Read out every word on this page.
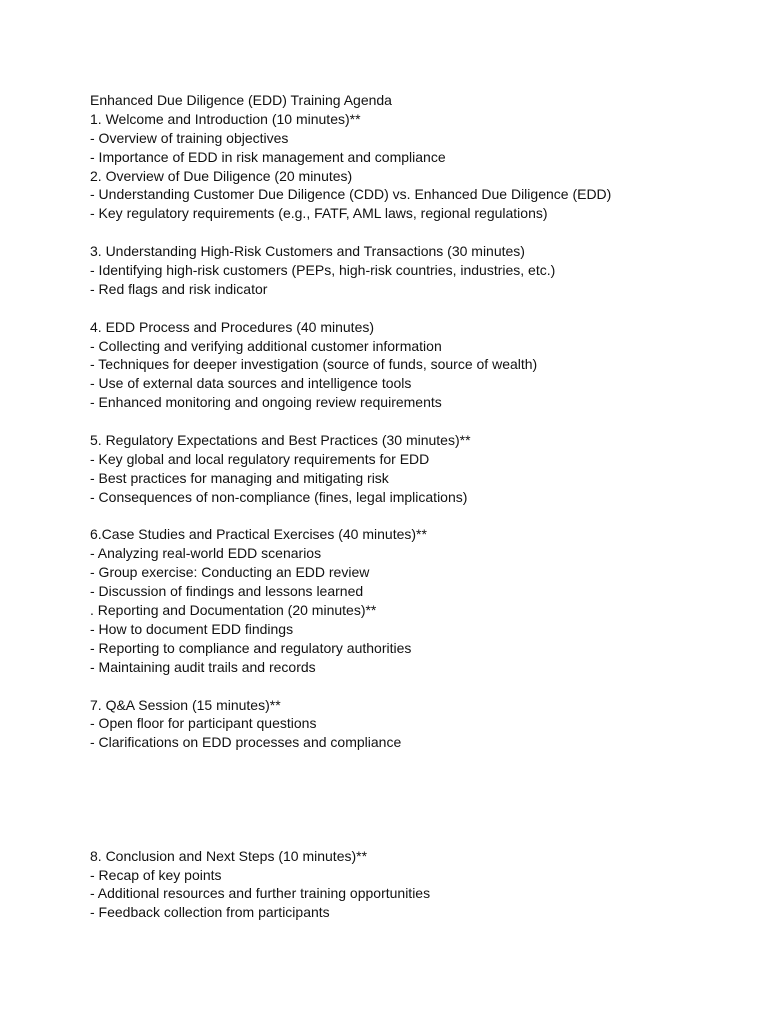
Enhanced Due Diligence (EDD) Training Agenda
1. Welcome and Introduction (10 minutes)**
- Overview of training objectives
- Importance of EDD in risk management and compliance
2. Overview of Due Diligence (20 minutes)
- Understanding Customer Due Diligence (CDD) vs. Enhanced Due Diligence (EDD)
- Key regulatory requirements (e.g., FATF, AML laws, regional regulations)
3. Understanding High-Risk Customers and Transactions (30 minutes)
- Identifying high-risk customers (PEPs, high-risk countries, industries, etc.)
- Red flags and risk indicator
4. EDD Process and Procedures (40 minutes)
- Collecting and verifying additional customer information
- Techniques for deeper investigation (source of funds, source of wealth)
- Use of external data sources and intelligence tools
- Enhanced monitoring and ongoing review requirements
5. Regulatory Expectations and Best Practices (30 minutes)**
- Key global and local regulatory requirements for EDD
- Best practices for managing and mitigating risk
- Consequences of non-compliance (fines, legal implications)
6.Case Studies and Practical Exercises (40 minutes)**
- Analyzing real-world EDD scenarios
- Group exercise: Conducting an EDD review
- Discussion of findings and lessons learned
. Reporting and Documentation (20 minutes)**
- How to document EDD findings
- Reporting to compliance and regulatory authorities
- Maintaining audit trails and records
7. Q&A Session (15 minutes)**
- Open floor for participant questions
- Clarifications on EDD processes and compliance
8. Conclusion and Next Steps (10 minutes)**
- Recap of key points
- Additional resources and further training opportunities
- Feedback collection from participants
